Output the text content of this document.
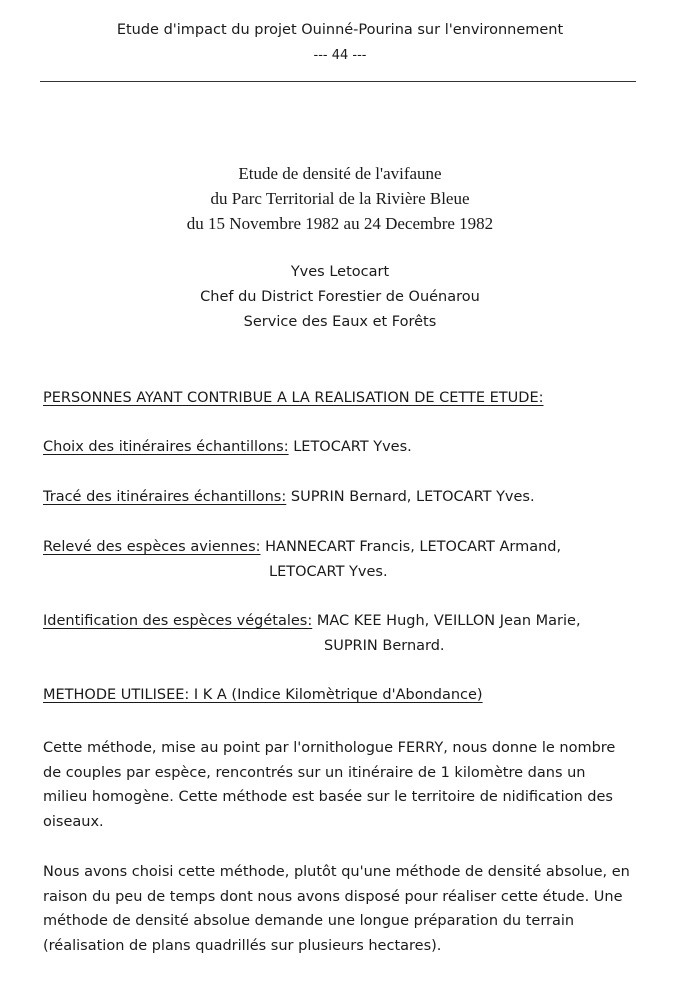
Etude d'impact du projet Ouinné-Pourina sur l'environnement
--- 44 ---
Etude de densité de l'avifaune
du Parc Territorial de la Rivière Bleue
du 15 Novembre 1982 au 24 Decembre 1982
Yves Letocart
Chef du District Forestier de Ouénarou
Service des Eaux et Forêts
PERSONNES AYANT CONTRIBUE A LA REALISATION DE CETTE ETUDE:
Choix des itinéraires échantillons: LETOCART Yves.
Tracé des itinéraires échantillons: SUPRIN Bernard, LETOCART Yves.
Relevé des espèces aviennes: HANNECART Francis, LETOCART Armand,
LETOCART Yves.
Identification des espèces végétales: MAC KEE Hugh, VEILLON Jean Marie,
SUPRIN Bernard.
METHODE UTILISEE: I K A (Indice Kilomètrique d'Abondance)
Cette méthode, mise au point par l'ornithologue FERRY, nous donne le nombre
de couples par espèce, rencontrés sur un itinéraire de 1 kilomètre dans un
milieu homogène. Cette méthode est basée sur le territoire de nidification des
oiseaux.
Nous avons choisi cette méthode, plutôt qu'une méthode de densité absolue, en
raison du peu de temps dont nous avons disposé pour réaliser cette étude. Une
méthode de densité absolue demande une longue préparation du terrain
(réalisation de plans quadrillés sur plusieurs hectares).
